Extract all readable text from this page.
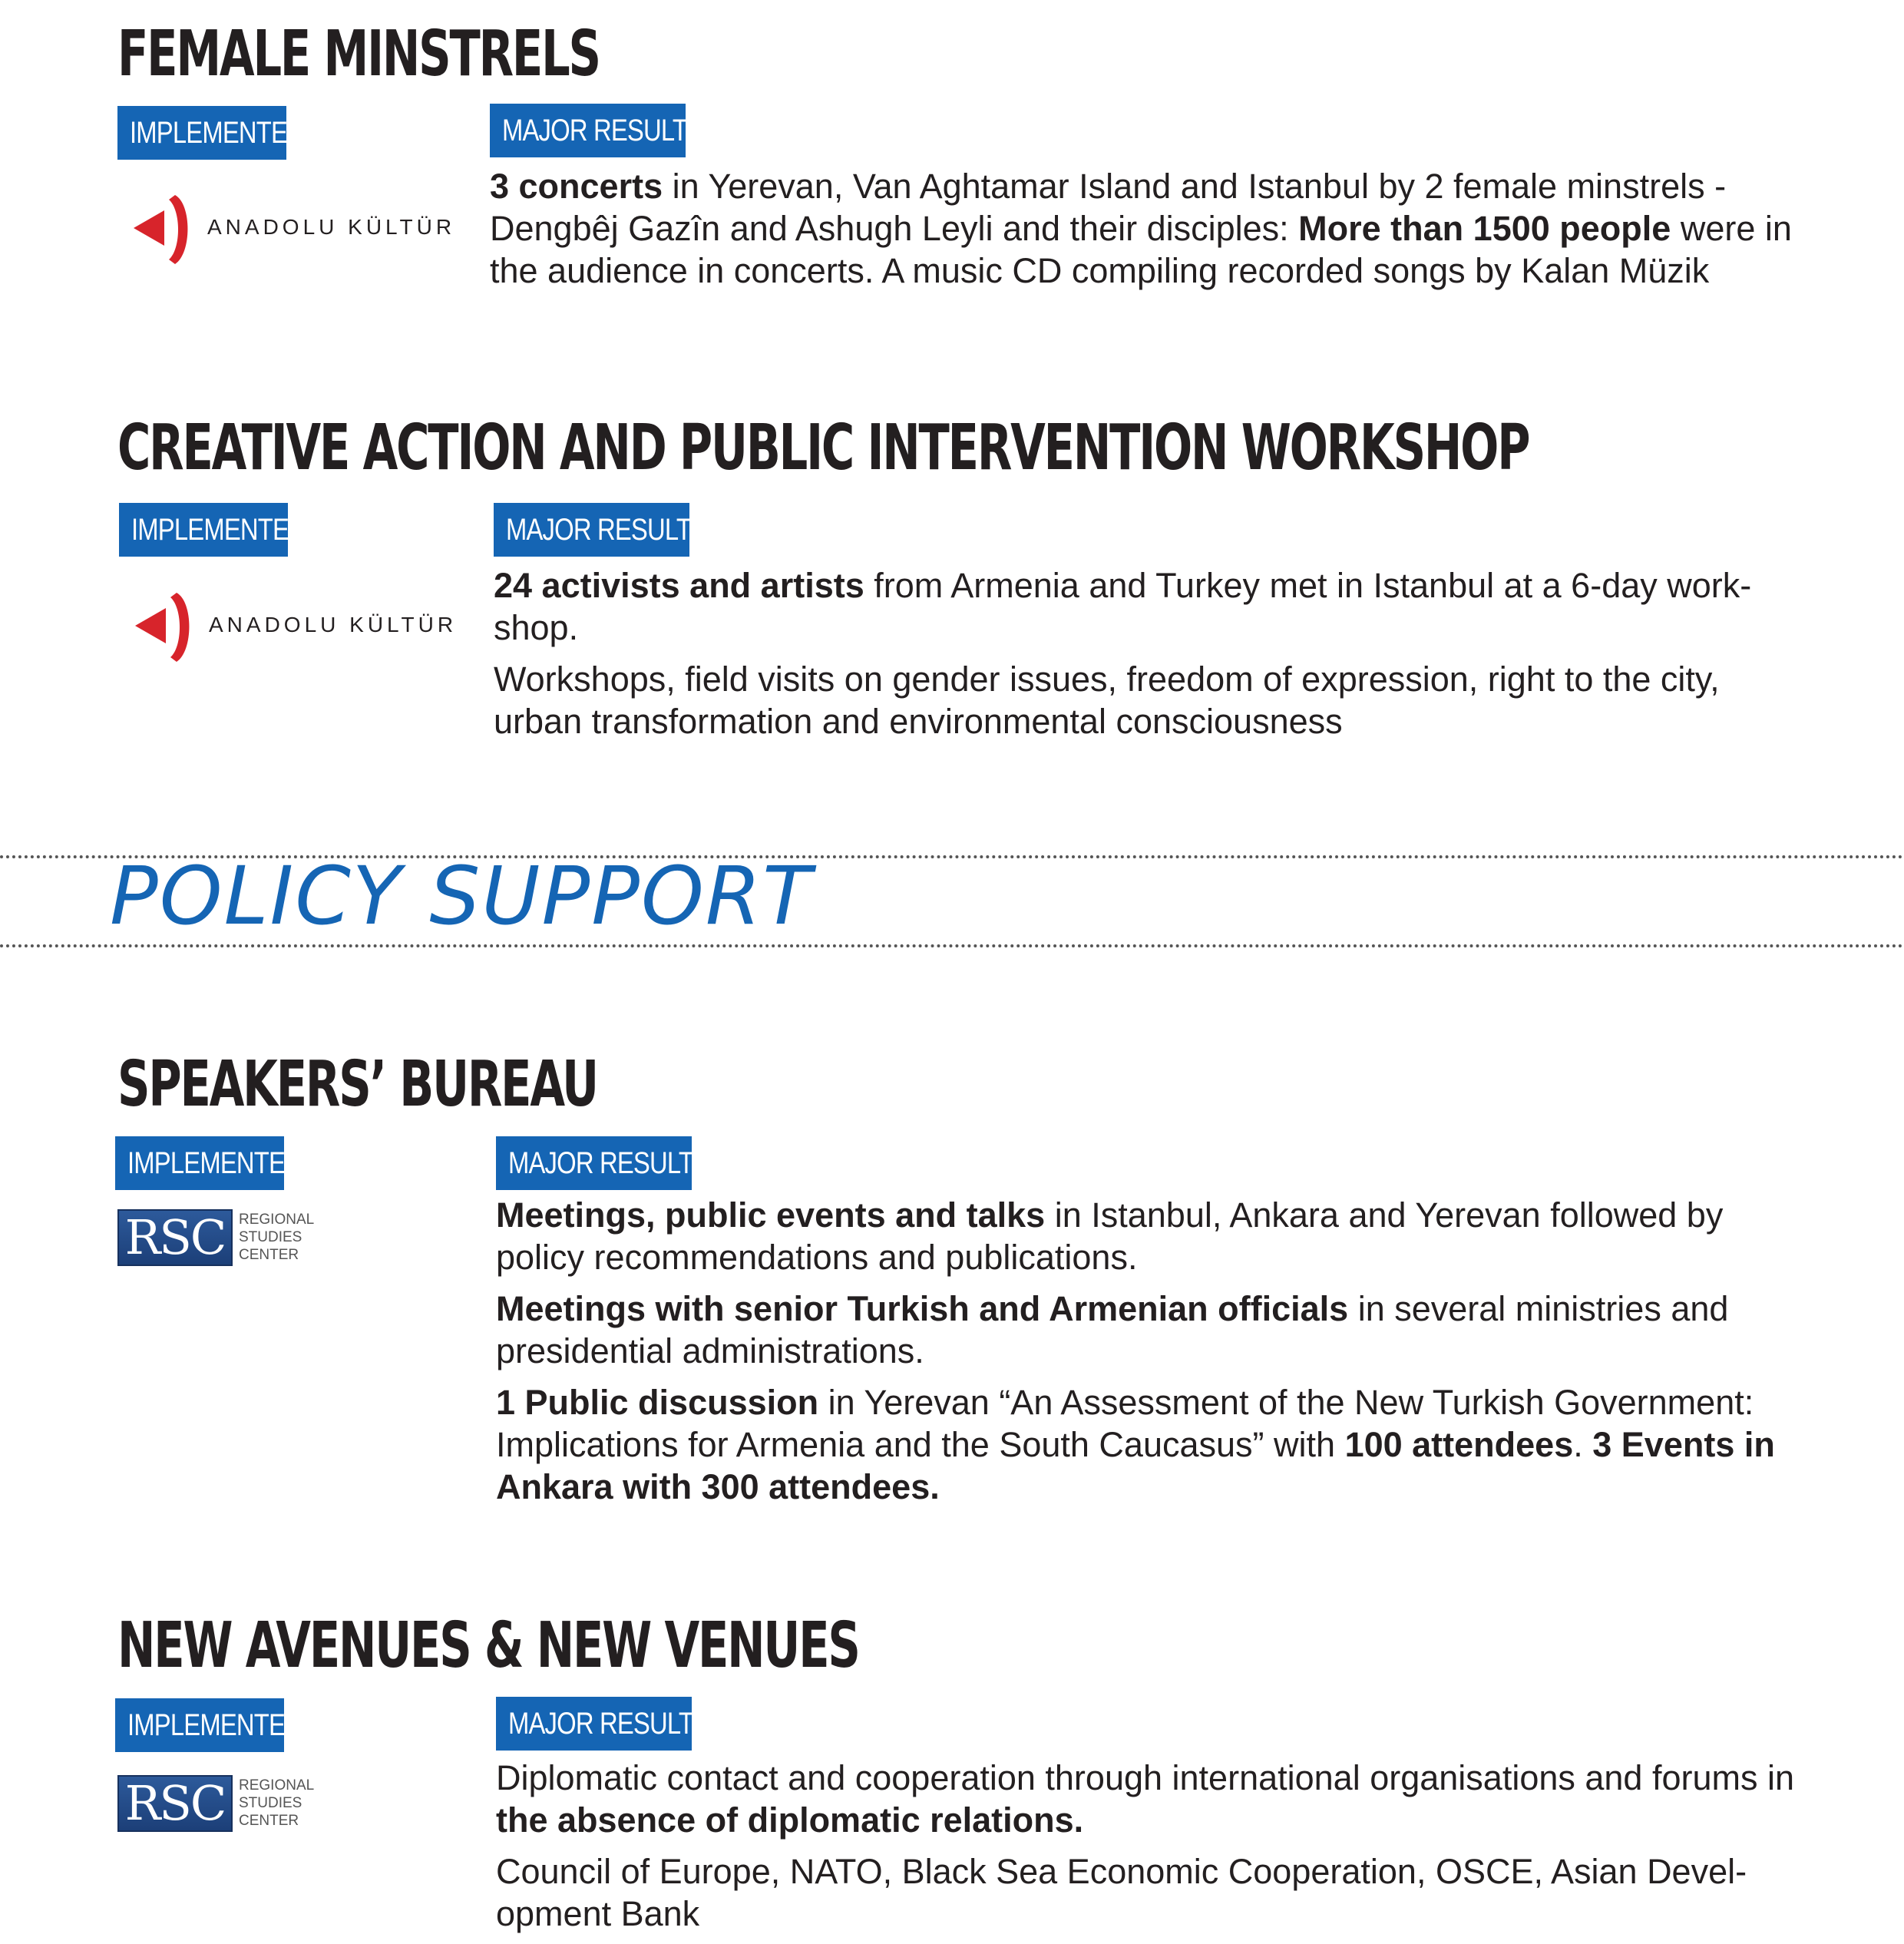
FEMALE MINSTRELS
IMPLEMENTER	MAJOR RESULTS
ANADOLU KÜLTÜR

3 concerts in Yerevan, Van Aghtamar Island and Istanbul by 2 female minstrels - Dengbêj Gazîn and Ashugh Leyli and their disciples: More than 1500 people were in the audience in concerts. A music CD compiling recorded songs by Kalan Müzik

CREATIVE ACTION AND PUBLIC INTERVENTION WORKSHOP
IMPLEMENTER	MAJOR RESULTS
ANADOLU KÜLTÜR

24 activists and artists from Armenia and Turkey met in Istanbul at a 6-day work-shop.

Workshops, field visits on gender issues, freedom of expression, right to the city, urban transformation and environmental consciousness

POLICY SUPPORT
SPEAKERS’ BUREAU
IMPLEMENTER	MAJOR RESULTS
RSC REGIONAL
STUDIES
CENTER

Meetings, public events and talks in Istanbul, Ankara and Yerevan followed by policy recommendations and publications.

Meetings with senior Turkish and Armenian officials in several ministries and presidential administrations.

1 Public discussion in Yerevan “An Assessment of the New Turkish Government: Implications for Armenia and the South Caucasus” with 100 attendees. 3 Events in Ankara with 300 attendees.

NEW AVENUES & NEW VENUES
IMPLEMENTER	MAJOR RESULTS
RSC REGIONAL
STUDIES
CENTER

Diplomatic contact and cooperation through international organisations and forums in the absence of diplomatic relations.

Council of Europe, NATO, Black Sea Economic Cooperation, OSCE, Asian Devel-opment Bank
